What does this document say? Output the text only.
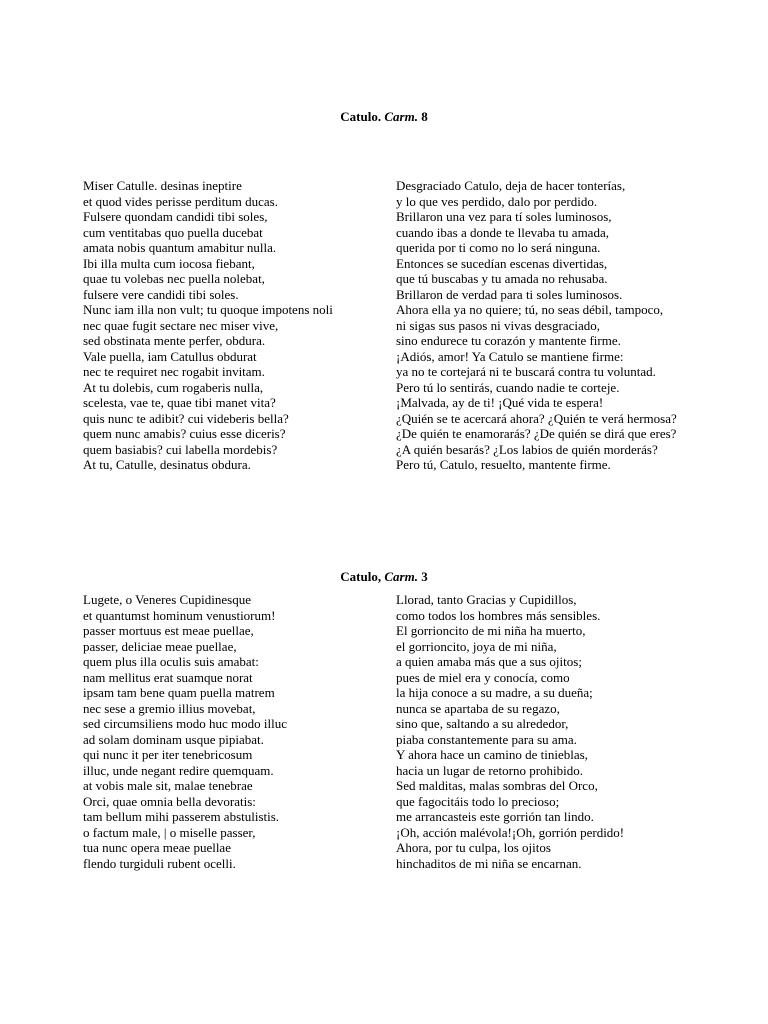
Catulo. Carm. 8
Miser Catulle. desinas ineptire
et quod vides perisse perditum ducas.
Fulsere quondam candidi tibi soles,
cum ventitabas quo puella ducebat
amata nobis quantum amabitur nulla.
Ibi illa multa cum iocosa fiebant,
quae tu volebas nec puella nolebat,
fulsere vere candidi tibi soles.
Nunc iam illa non vult; tu quoque impotens noli
nec quae fugit sectare nec miser vive,
sed obstinata mente perfer, obdura.
Vale puella, iam Catullus obdurat
nec te requiret nec rogabit invitam.
At tu dolebis, cum rogaberis nulla,
scelesta, vae te, quae tibi manet vita?
quis nunc te adibit? cui videberis bella?
quem nunc amabis? cuius esse diceris?
quem basiabis? cui labella mordebis?
At tu, Catulle, desinatus obdura.
Desgraciado Catulo, deja de hacer tonterías,
y lo que ves perdido, dalo por perdido.
Brillaron una vez para tí soles luminosos,
cuando ibas a donde te llevaba tu amada,
querida por ti como no lo será ninguna.
Entonces se sucedían escenas divertidas,
que tú buscabas y tu amada no rehusaba.
Brillaron de verdad para ti soles luminosos.
Ahora ella ya no quiere; tú, no seas débil, tampoco,
ni sigas sus pasos ni vivas desgraciado,
sino endurece tu corazón y mantente firme.
¡Adiós, amor! Ya Catulo se mantiene firme:
ya no te cortejará ni te buscará contra tu voluntad.
Pero tú lo sentirás, cuando nadie te corteje.
¡Malvada, ay de ti! ¡Qué vida te espera!
¿Quién se te acercará ahora? ¿Quién te verá hermosa?
¿De quién te enamorarás? ¿De quién se dirá que eres?
¿A quién besarás? ¿Los labios de quién morderás?
Pero tú, Catulo, resuelto, mantente firme.
Catulo, Carm. 3
Lugete, o Veneres Cupidinesque
et quantumst hominum venustiorum!
passer mortuus est meae puellae,
passer, deliciae meae puellae,
quem plus illa oculis suis amabat:
nam mellitus erat suamque norat
ipsam tam bene quam puella matrem
nec sese a gremio illius movebat,
sed circumsiliens modo huc modo illuc
ad solam dominam usque pipiabat.
qui nunc it per iter tenebricosum
illuc, unde negant redire quemquam.
at vobis male sit, malae tenebrae
Orci, quae omnia bella devoratis:
tam bellum mihi passerem abstulistis.
o factum male, | o miselle passer,
tua nunc opera meae puellae
flendo turgiduli rubent ocelli.
Llorad, tanto Gracias y Cupidillos,
como todos los hombres más sensibles.
El gorrioncito de mi niña ha muerto,
el gorrioncito, joya de mi niña,
a quien amaba más que a sus ojitos;
pues de miel era y conocía, como
la hija conoce a su madre, a su dueña;
nunca se apartaba de su regazo,
sino que, saltando a su alrededor,
piaba constantemente para su ama.
Y ahora hace un camino de tinieblas,
hacia un lugar de retorno prohibido.
Sed malditas, malas sombras del Orco,
que fagocitáis todo lo precioso;
me arrancasteis este gorrión tan lindo.
¡Oh, acción malévola!¡Oh, gorrión perdido!
Ahora, por tu culpa, los ojitos
hinchaditos de mi niña se encarnan.
